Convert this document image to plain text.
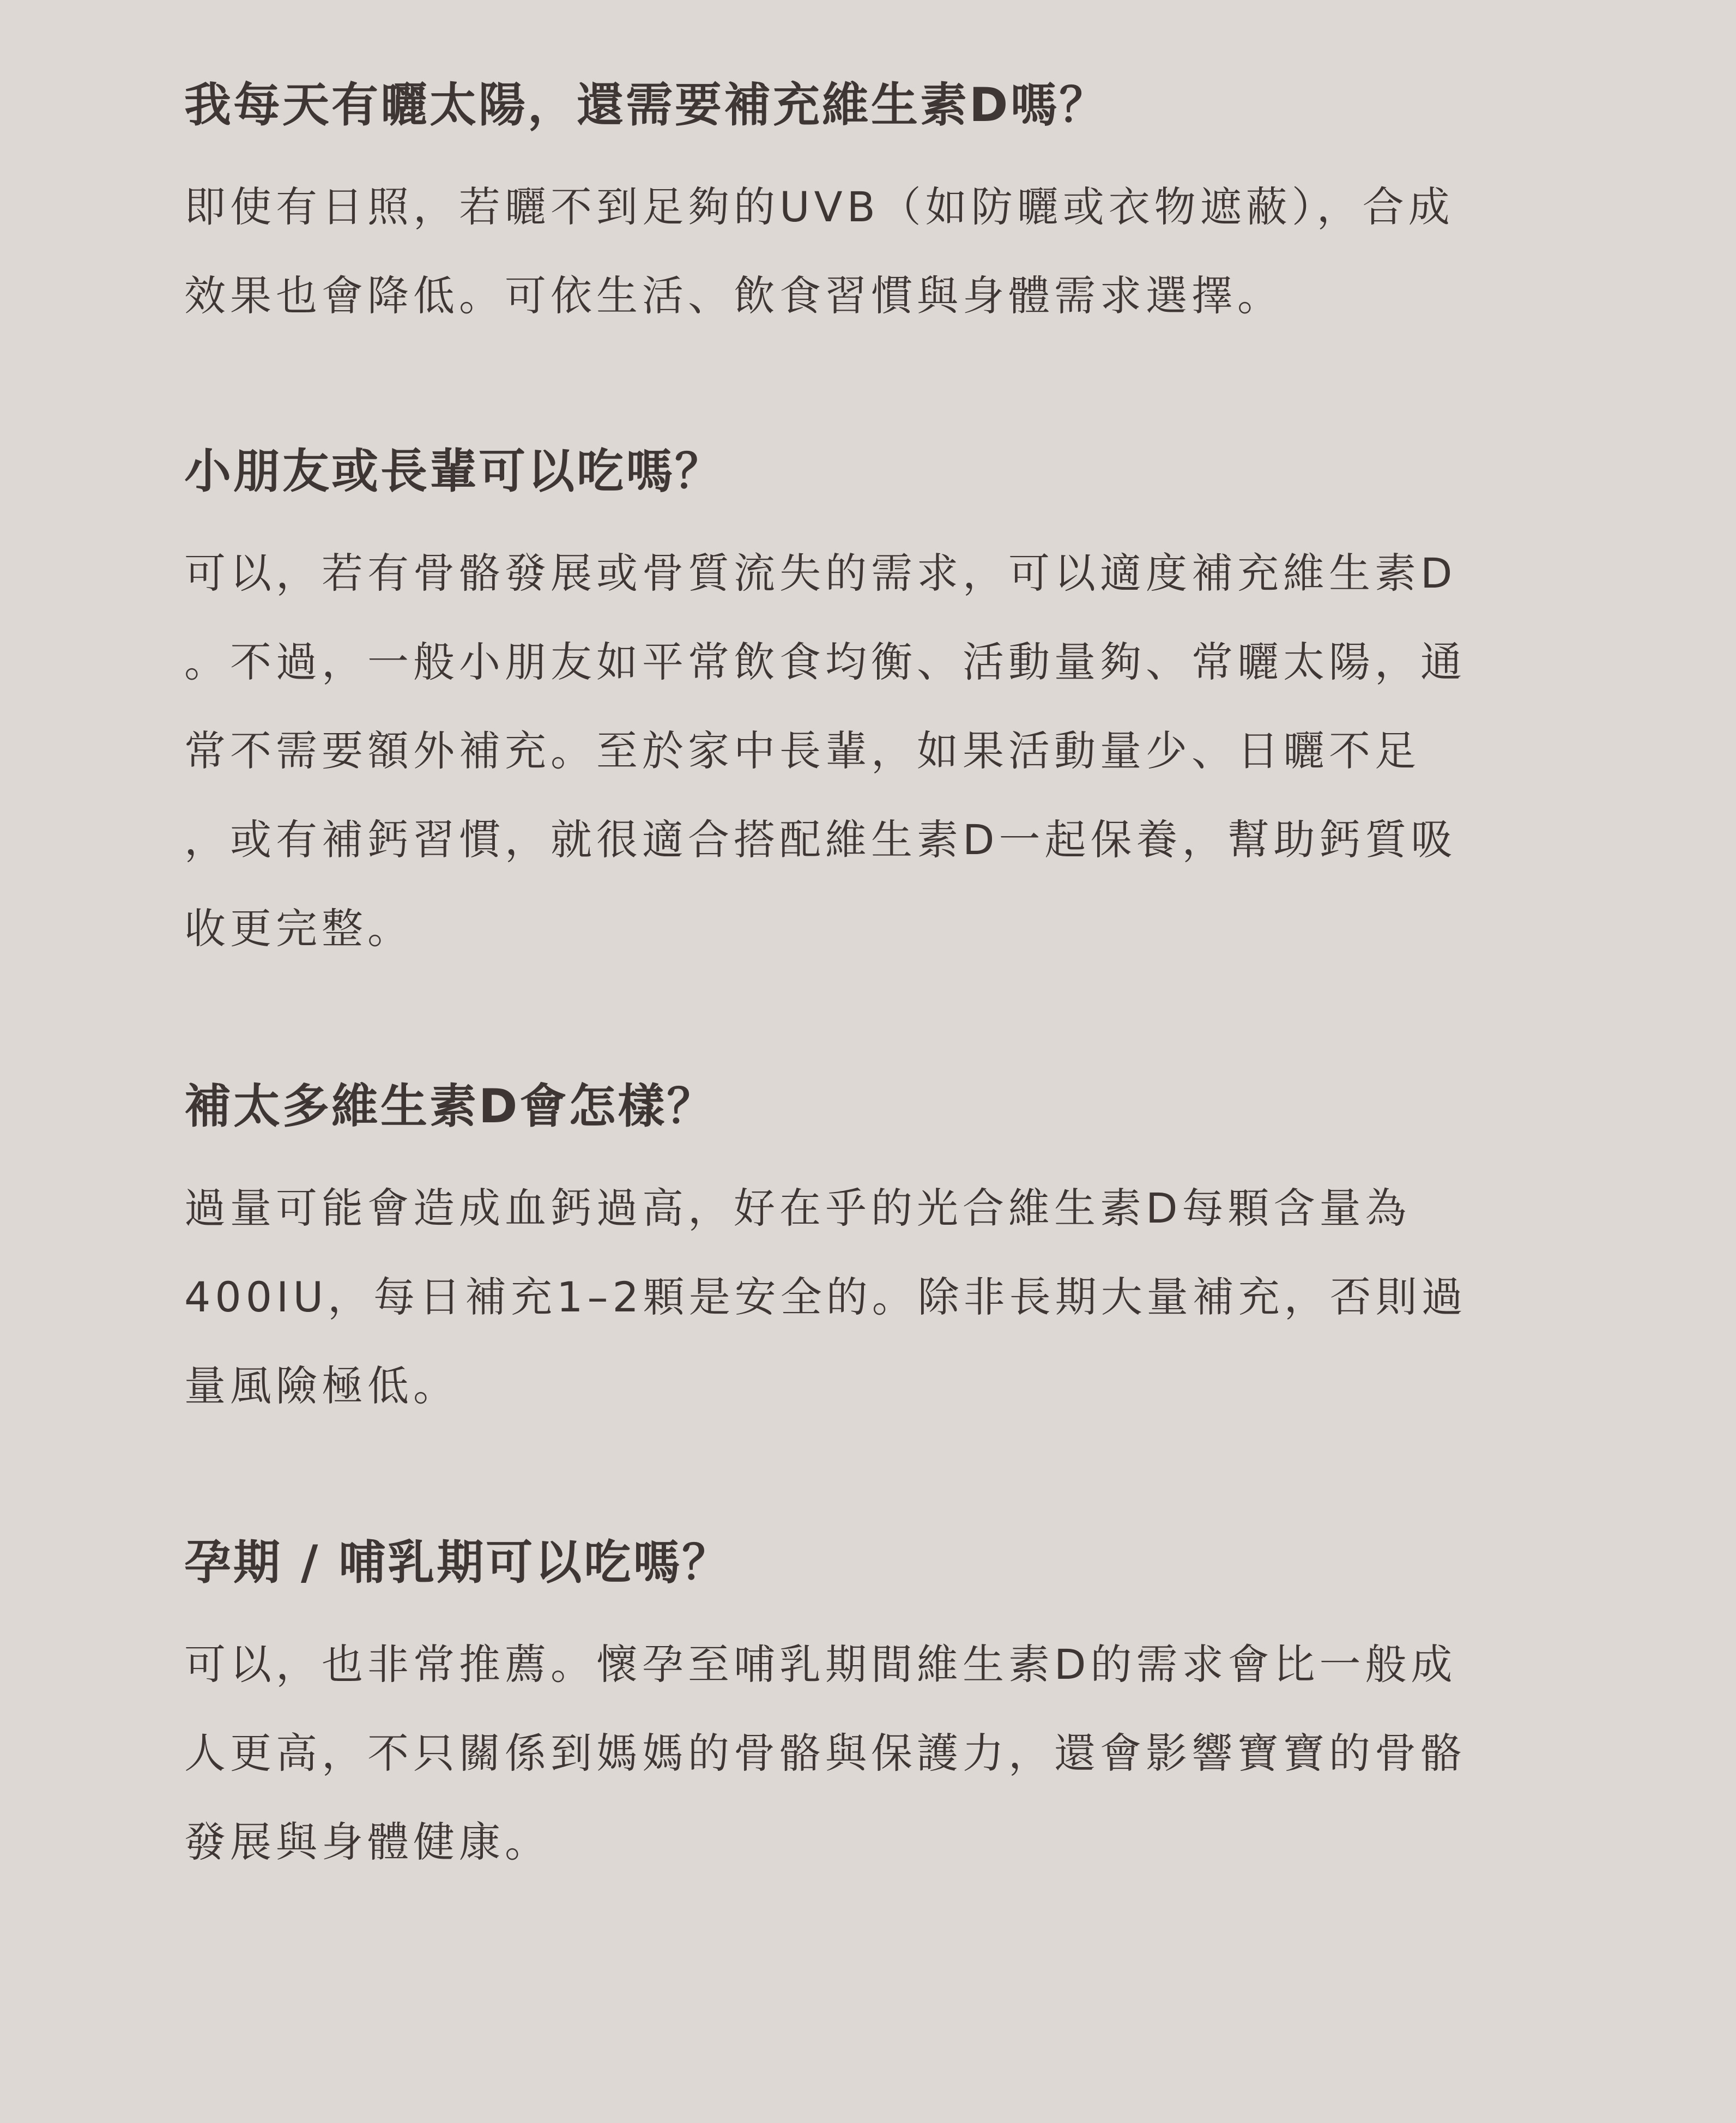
我每天有曬太陽，還需要補充維生素D嗎？

即使有日照，若曬不到足夠的UVB（如防曬或衣物遮蔽），合成
效果也會降低。可依生活、飲食習慣與身體需求選擇。

小朋友或長輩可以吃嗎？

可以，若有骨骼發展或骨質流失的需求，可以適度補充維生素D
。不過，一般小朋友如平常飲食均衡、活動量夠、常曬太陽，通
常不需要額外補充。至於家中長輩，如果活動量少、日曬不足
，或有補鈣習慣，就很適合搭配維生素D一起保養，幫助鈣質吸
收更完整。

補太多維生素D會怎樣？

過量可能會造成血鈣過高，好在乎的光合維生素D每顆含量為
400IU，每日補充1–2顆是安全的。除非長期大量補充，否則過
量風險極低。

孕期 / 哺乳期可以吃嗎？

可以，也非常推薦。懷孕至哺乳期間維生素D的需求會比一般成
人更高，不只關係到媽媽的骨骼與保護力，還會影響寶寶的骨骼
發展與身體健康。
